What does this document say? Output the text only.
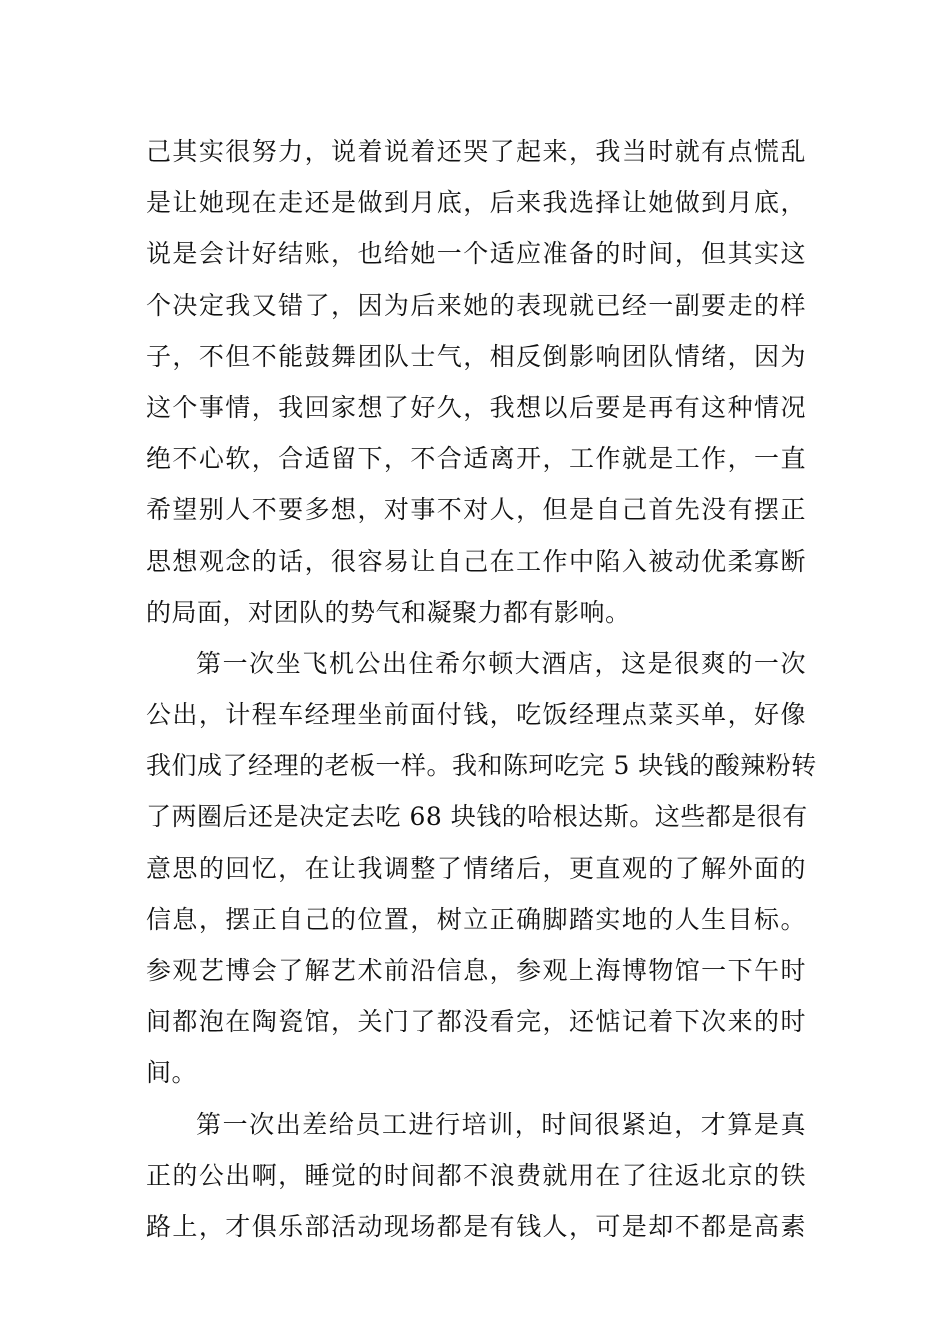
己其实很努力，说着说着还哭了起来，我当时就有点慌乱
是让她现在走还是做到月底，后来我选择让她做到月底，
说是会计好结账，也给她一个适应准备的时间，但其实这
个决定我又错了，因为后来她的表现就已经一副要走的样
子，不但不能鼓舞团队士气，相反倒影响团队情绪，因为
这个事情，我回家想了好久，我想以后要是再有这种情况
绝不心软，合适留下，不合适离开，工作就是工作，一直
希望别人不要多想，对事不对人，但是自己首先没有摆正
思想观念的话，很容易让自己在工作中陷入被动优柔寡断
的局面，对团队的势气和凝聚力都有影响。
第一次坐飞机公出住希尔顿大酒店，这是很爽的一次
公出，计程车经理坐前面付钱，吃饭经理点菜买单，好像
我们成了经理的老板一样。我和陈珂吃完 5 块钱的酸辣粉转
了两圈后还是决定去吃 68 块钱的哈根达斯。这些都是很有
意思的回忆，在让我调整了情绪后，更直观的了解外面的
信息，摆正自己的位置，树立正确脚踏实地的人生目标。
参观艺博会了解艺术前沿信息，参观上海博物馆一下午时
间都泡在陶瓷馆，关门了都没看完，还惦记着下次来的时
间。
第一次出差给员工进行培训，时间很紧迫，才算是真
正的公出啊，睡觉的时间都不浪费就用在了往返北京的铁
路上，才俱乐部活动现场都是有钱人，可是却不都是高素
